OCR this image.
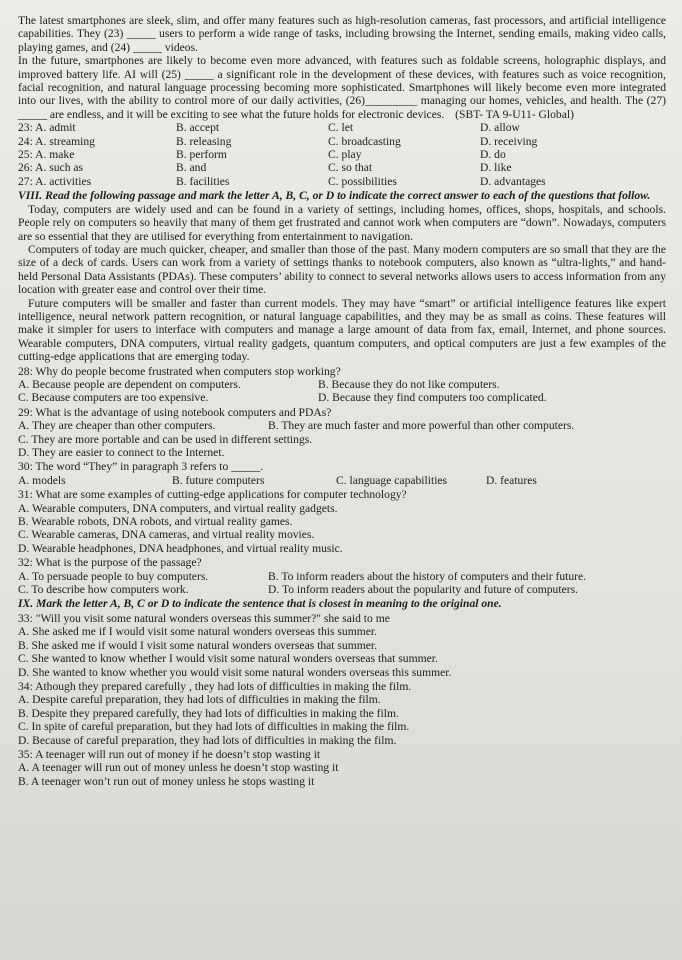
The latest smartphones are sleek, slim, and offer many features such as high-resolution cameras, fast processors, and artificial intelligence capabilities. They (23) _____ users to perform a wide range of tasks, including browsing the Internet, sending emails, making video calls, playing games, and (24) _____ videos.

In the future, smartphones are likely to become even more advanced, with features such as foldable screens, holographic displays, and improved battery life. AI will (25) _____ a significant role in the development of these devices, with features such as voice recognition, facial recognition, and natural language processing becoming more sophisticated. Smartphones will likely become even more integrated into our lives, with the ability to control more of our daily activities, (26)_________ managing our homes, vehicles, and health. The (27) _____ are endless, and it will be exciting to see what the future holds for electronic devices. (SBT- TA 9-U11- Global)

23: A. admit	B. accept	C. let	D. allow
24: A. streaming	B. releasing	C. broadcasting	D. receiving
25: A. make	B. perform	C. play	D. do
26: A. such as	B. and	C. so that	D. like
27: A. activities	B. facilities	C. possibilities	D. advantages

VIII. Read the following passage and mark the letter A, B, C, or D to indicate the correct answer to each of the questions that follow.

Today, computers are widely used and can be found in a variety of settings, including homes, offices, shops, hospitals, and schools. People rely on computers so heavily that many of them get frustrated and cannot work when computers are “down”. Nowadays, computers are so essential that they are utilised for everything from entertainment to navigation.

Computers of today are much quicker, cheaper, and smaller than those of the past. Many modern computers are so small that they are the size of a deck of cards. Users can work from a variety of settings thanks to notebook computers, also known as “ultra-lights,” and hand-held Personal Data Assistants (PDAs). These computers’ ability to connect to several networks allows users to access information from any location with greater ease and control over their time.

Future computers will be smaller and faster than current models. They may have “smart” or artificial intelligence features like expert intelligence, neural network pattern recognition, or natural language capabilities, and they may be as small as coins. These features will make it simpler for users to interface with computers and manage a large amount of data from fax, email, Internet, and phone sources. Wearable computers, DNA computers, virtual reality gadgets, quantum computers, and optical computers are just a few examples of the cutting-edge applications that are emerging today.

28: Why do people become frustrated when computers stop working?

A. Because people are dependent on computers.	B. Because they do not like computers.
C. Because computers are too expensive.	D. Because they find computers too complicated.

29: What is the advantage of using notebook computers and PDAs?

A. They are cheaper than other computers.	B. They are much faster and more powerful than other computers.

C. They are more portable and can be used in different settings.

D. They are easier to connect to the Internet.

30: The word “They” in paragraph 3 refers to _____.

A. models	B. future computers	C. language capabilities	D. features

31: What are some examples of cutting-edge applications for computer technology?

A. Wearable computers, DNA computers, and virtual reality gadgets.

B. Wearable robots, DNA robots, and virtual reality games.

C. Wearable cameras, DNA cameras, and virtual reality movies.

D. Wearable headphones, DNA headphones, and virtual reality music.

32: What is the purpose of the passage?

A. To persuade people to buy computers.	B. To inform readers about the history of computers and their future.
C. To describe how computers work.	D. To inform readers about the popularity and future of computers.

IX. Mark the letter A, B, C or D to indicate the sentence that is closest in meaning to the original one.

33: "Will you visit some natural wonders overseas this summer?" she said to me

A. She asked me if I would visit some natural wonders overseas this summer.

B. She asked me if would I visit some natural wonders overseas that summer.

C. She wanted to know whether I would visit some natural wonders overseas that summer.

D. She wanted to know whether you would visit some natural wonders overseas this summer.

34: Athough they prepared carefully , they had lots of difficulties in making the film.

A. Despite careful preparation, they had lots of difficulties in making the film.

B. Despite they prepared carefully, they had lots of difficulties in making the film.

C. In spite of careful preparation, but they had lots of difficulties in making the film.

D. Because of careful preparation, they had lots of difficulties in making the film.

35: A teenager will run out of money if he doesn’t stop wasting it

A. A teenager will run out of money unless he doesn’t stop wasting it

B. A teenager won’t run out of money unless he stops wasting it
